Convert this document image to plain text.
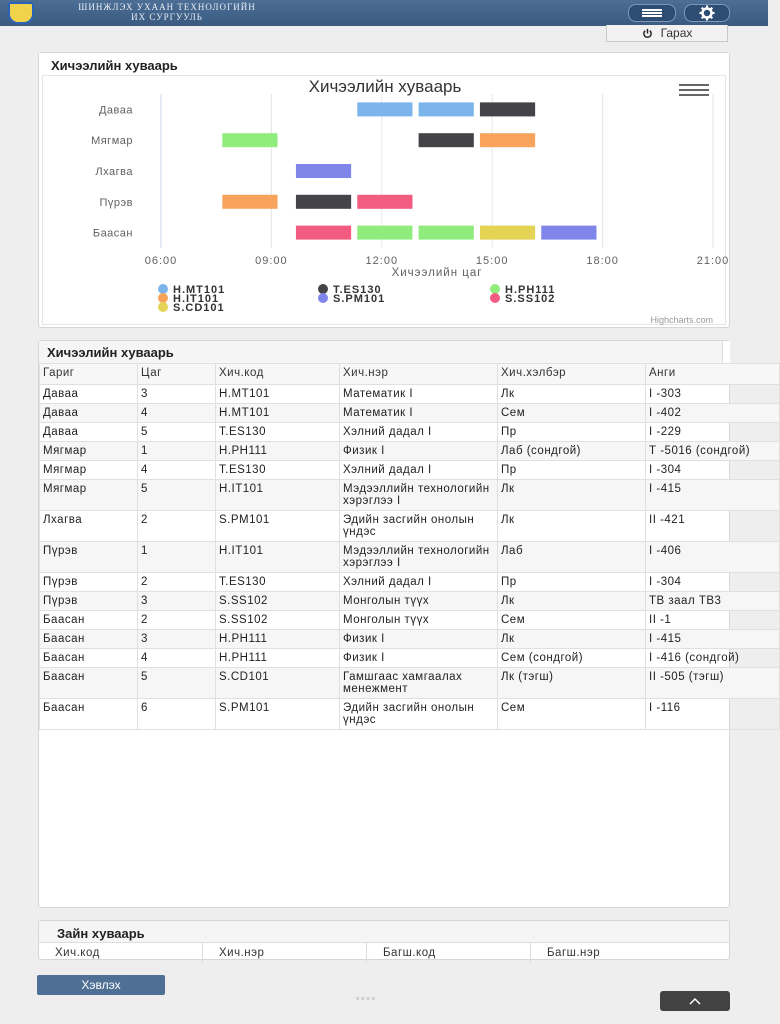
ШИНЖЛЭХ УХААН ТЕХНОЛОГИЙН
ИХ СУРГУУЛЬ
Гарах
Хичээлийн хуваарь
Хичээлийн хуваарь
06:00	09:00	12:00	15:00	18:00	21:00
Даваа
Мягмар
Лхагва
Пүрэв
Баасан
Хичээлийн цаг
H.MT101	T.ES130	H.PH111
H.IT101	S.PM101	S.SS102
S.CD101
Highcharts.com
Хичээлийн хуваарь
Гариг	Цаг	Хич.код	Хич.нэр	Хич.хэлбэр	Анги
Даваа	3	H.MT101	Математик I	Лк	I -303
Даваа	4	H.MT101	Математик I	Сем	I -402
Даваа	5	T.ES130	Хэлний дадал I	Пр	I -229
Мягмар	1	H.PH111	Физик I	Лаб (сондгой)	Т -5016 (сондгой)
Мягмар	4	T.ES130	Хэлний дадал I	Пр	I -304
Мягмар	5	H.IT101	Мэдээллийн технологийн хэрэглээ I	Лк	I -415
Лхагва	2	S.PM101	Эдийн засгийн онолын үндэс	Лк	II -421
Пүрэв	1	H.IT101	Мэдээллийн технологийн хэрэглээ I	Лаб	I -406
Пүрэв	2	T.ES130	Хэлний дадал I	Пр	I -304
Пүрэв	3	S.SS102	Монголын түүх	Лк	ТВ заал ТВ3
Баасан	2	S.SS102	Монголын түүх	Сем	II -1
Баасан	3	H.PH111	Физик I	Лк	I -415
Баасан	4	H.PH111	Физик I	Сем (сондгой)	I -416 (сондгой)
Баасан	5	S.CD101	Гамшгаас хамгаалах менежмент	Лк (тэгш)	II -505 (тэгш)
Баасан	6	S.PM101	Эдийн засгийн онолын үндэс	Сем	I -116
Зайн хуваарь
Хич.код	Хич.нэр	Багш.код	Багш.нэр
Хэвлэх
▫▫▫▫
